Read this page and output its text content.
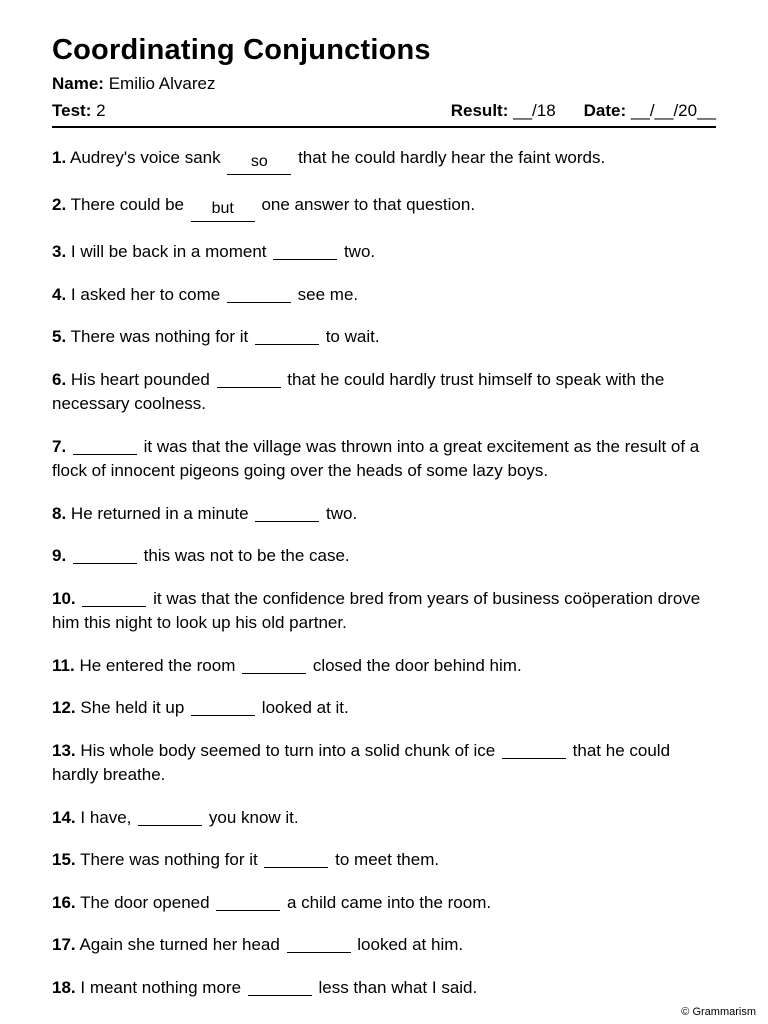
Coordinating Conjunctions
Name: Emilio Alvarez
Test: 2	Result: __/18 Date: __/__/20__
1. Audrey's voice sank so that he could hardly hear the faint words.
2. There could be but one answer to that question.
3. I will be back in a moment	two.
4. I asked her to come	see me.
5. There was nothing for it	to wait.
6. His heart pounded	that he could hardly trust himself to speak with the necessary coolness.
7.	it was that the village was thrown into a great excitement as the result of a flock of innocent pigeons going over the heads of some lazy boys.
8. He returned in a minute	two.
9.	this was not to be the case.
10.	it was that the confidence bred from years of business coöperation drove him this night to look up his old partner.
11. He entered the room	closed the door behind him.
12. She held it up	looked at it.
13. His whole body seemed to turn into a solid chunk of ice	that he could hardly breathe.
14. I have,	you know it.
15. There was nothing for it	to meet them.
16. The door opened	a child came into the room.
17. Again she turned her head	looked at him.
18. I meant nothing more	less than what I said.
© Grammarism
